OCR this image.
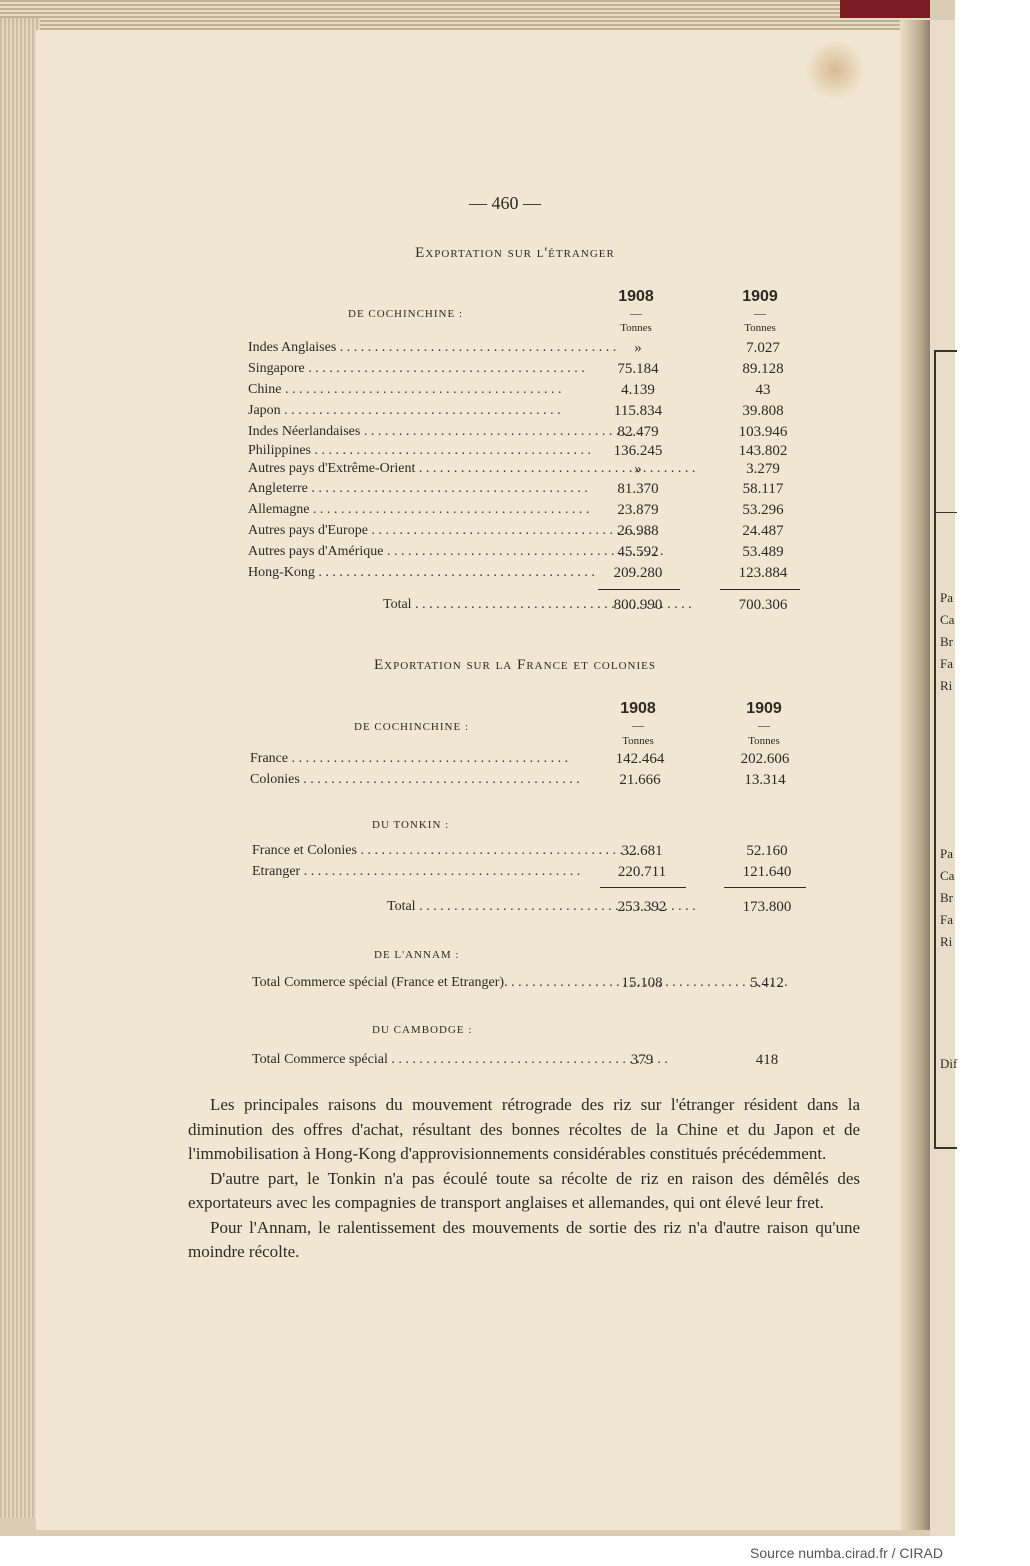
Pa
Ca
Br
Fa
Ri
Pa
Ca
Br
Fa
Ri
Dif
— 460 —
Exportation sur l'étranger
1908	1909
—	—
DE COCHINCHINE :
Tonnes	Tonnes
Indes Anglaises . . .	»	7.027
Singapore . . .	75.184	89.128
Chine . . .	4.139	43
Japon . . .	115.834	39.808
Indes Néerlandaises . . .	82.479	103.946
Philippines . . .	136.245	143.802
Autres pays d'Extrême-Orient . . .	»	3.279
Angleterre . . .	81.370	58.117
Allemagne . . .	23.879	53.296
Autres pays d'Europe . . .	26.988	24.487
Autres pays d'Amérique . . .	45.592	53.489
Hong-Kong . . .	209.280	123.884
Total . . .	800.990	700.306
Exportation sur la France et colonies
1908	1909
—	—
DE COCHINCHINE :
Tonnes	Tonnes
France . . .	142.464	202.606
Colonies . . .	21.666	13.314
DU TONKIN :
France et Colonies . . .	32.681	52.160
Etranger . . .	220.711	121.640
Total . . .	253.392	173.800
DE L'ANNAM :
Total Commerce spécial (France et Etranger). . . .	15.108	5.412
DU CAMBODGE :
Total Commerce spécial . . .	379	418

Les principales raisons du mouvement rétrograde des riz sur l'étranger résident dans la diminution des offres d'achat, résultant des bonnes récoltes de la Chine et du Japon et de l'immobilisation à Hong-Kong d'approvisionnements considérables constitués précédemment.

D'autre part, le Tonkin n'a pas écoulé toute sa récolte de riz en raison des démêlés des exportateurs avec les compagnies de transport anglaises et allemandes, qui ont élevé leur fret.

Pour l'Annam, le ralentissement des mouvements de sortie des riz n'a d'autre raison qu'une moindre récolte.

Source numba.cirad.fr / CIRAD
